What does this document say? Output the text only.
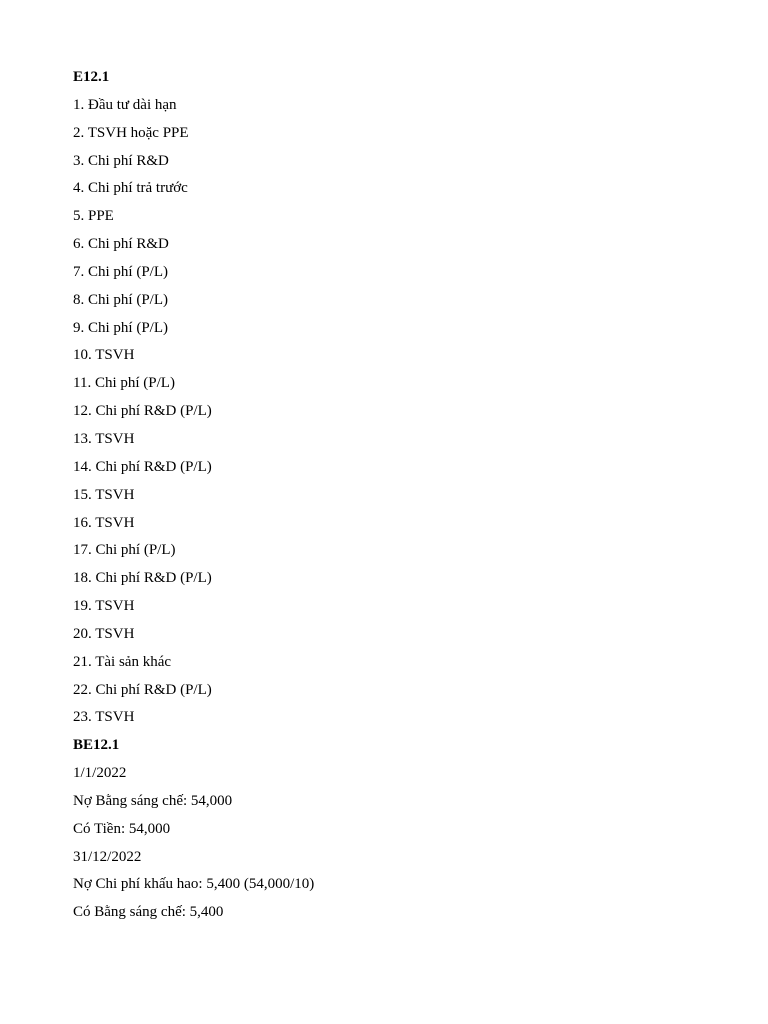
E12.1
1. Đầu tư dài hạn
2. TSVH hoặc PPE
3. Chi phí R&D
4. Chi phí trả trước
5. PPE
6. Chi phí R&D
7. Chi phí (P/L)
8. Chi phí (P/L)
9. Chi phí (P/L)
10. TSVH
11. Chi phí (P/L)
12. Chi phí R&D (P/L)
13. TSVH
14. Chi phí R&D (P/L)
15. TSVH
16. TSVH
17. Chi phí (P/L)
18. Chi phí R&D (P/L)
19. TSVH
20. TSVH
21. Tài sản khác
22. Chi phí R&D (P/L)
23. TSVH
BE12.1
1/1/2022
Nợ Bằng sáng chế: 54,000
Có Tiền: 54,000
31/12/2022
Nợ Chi phí khấu hao: 5,400 (54,000/10)
Có Bằng sáng chế: 5,400
